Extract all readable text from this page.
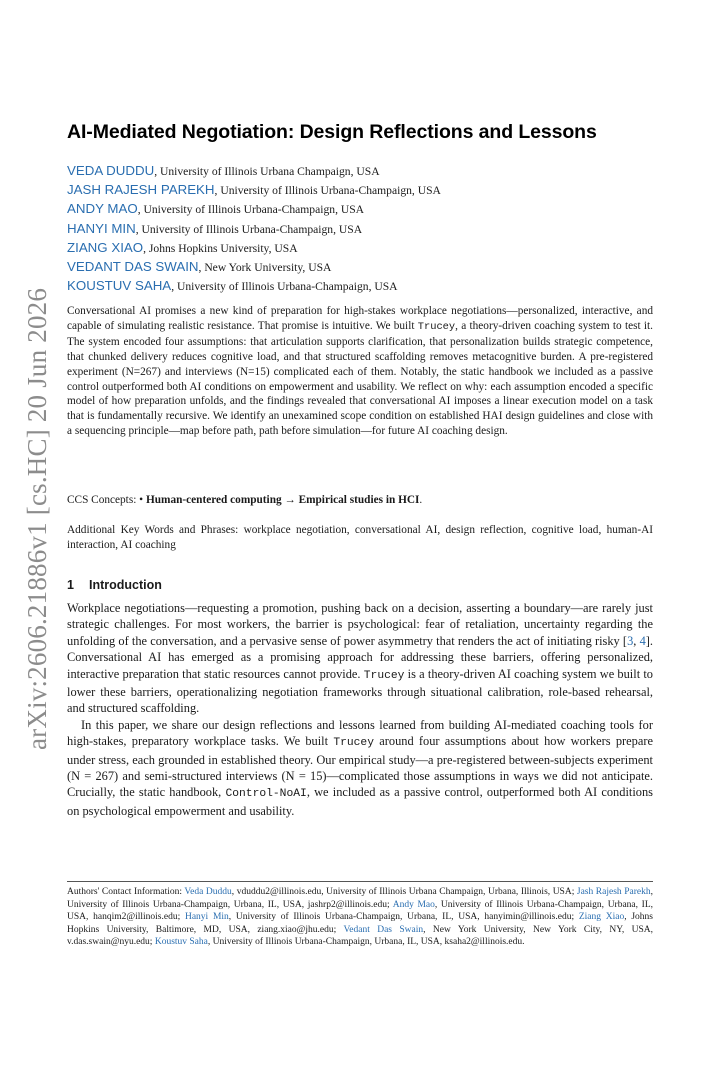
arXiv:2606.21886v1 [cs.HC] 20 Jun 2026
AI-Mediated Negotiation: Design Reflections and Lessons
VEDA DUDDU, University of Illinois Urbana Champaign, USA
JASH RAJESH PAREKH, University of Illinois Urbana-Champaign, USA
ANDY MAO, University of Illinois Urbana-Champaign, USA
HANYI MIN, University of Illinois Urbana-Champaign, USA
ZIANG XIAO, Johns Hopkins University, USA
VEDANT DAS SWAIN, New York University, USA
KOUSTUV SAHA, University of Illinois Urbana-Champaign, USA

Conversational AI promises a new kind of preparation for high-stakes workplace negotiations—personalized, interactive, and capable of simulating realistic resistance. That promise is intuitive. We built Trucey, a theory-driven coaching system to test it. The system encoded four assumptions: that articulation supports clarification, that personalization builds strategic competence, that chunked delivery reduces cognitive load, and that structured scaffolding removes metacognitive burden. A pre-registered experiment (N=267) and interviews (N=15) complicated each of them. Notably, the static handbook we included as a passive control outperformed both AI conditions on empowerment and usability. We reflect on why: each assumption encoded a specific model of how preparation unfolds, and the findings revealed that conversational AI imposes a linear execution model on a task that is fundamentally recursive. We identify an unexamined scope condition on established HAI design guidelines and close with a sequencing principle—map before path, path before simulation—for future AI coaching design.

CCS Concepts: • Human-centered computing → Empirical studies in HCI.

Additional Key Words and Phrases: workplace negotiation, conversational AI, design reflection, cognitive load, human-AI interaction, AI coaching

1 Introduction

Workplace negotiations—requesting a promotion, pushing back on a decision, asserting a boundary—are rarely just strategic challenges. For most workers, the barrier is psychological: fear of retaliation, uncertainty regarding the unfolding of the conversation, and a pervasive sense of power asymmetry that renders the act of initiating risky [3, 4]. Conversational AI has emerged as a promising approach for addressing these barriers, offering personalized, interactive preparation that static resources cannot provide. Trucey is a theory-driven AI coaching system we built to lower these barriers, operationalizing negotiation frameworks through situational calibration, role-based rehearsal, and structured scaffolding.

In this paper, we share our design reflections and lessons learned from building AI-mediated coaching tools for high-stakes, preparatory workplace tasks. We built Trucey around four assumptions about how workers prepare under stress, each grounded in established theory. Our empirical study—a pre-registered between-subjects experiment (N = 267) and semi-structured interviews (N = 15)—complicated those assumptions in ways we did not anticipate. Crucially, the static handbook, Control-NoAI, we included as a passive control, outperformed both AI conditions on psychological empowerment and usability.

Authors' Contact Information: Veda Duddu, vduddu2@illinois.edu, University of Illinois Urbana Champaign, Urbana, Illinois, USA; Jash Rajesh Parekh, University of Illinois Urbana-Champaign, Urbana, IL, USA, jashrp2@illinois.edu; Andy Mao, University of Illinois Urbana-Champaign, Urbana, IL, USA, hanqim2@illinois.edu; Hanyi Min, University of Illinois Urbana-Champaign, Urbana, IL, USA, hanyimin@illinois.edu; Ziang Xiao, Johns Hopkins University, Baltimore, MD, USA, ziang.xiao@jhu.edu; Vedant Das Swain, New York University, New York City, NY, USA, v.das.swain@nyu.edu; Koustuv Saha, University of Illinois Urbana-Champaign, Urbana, IL, USA, ksaha2@illinois.edu.
